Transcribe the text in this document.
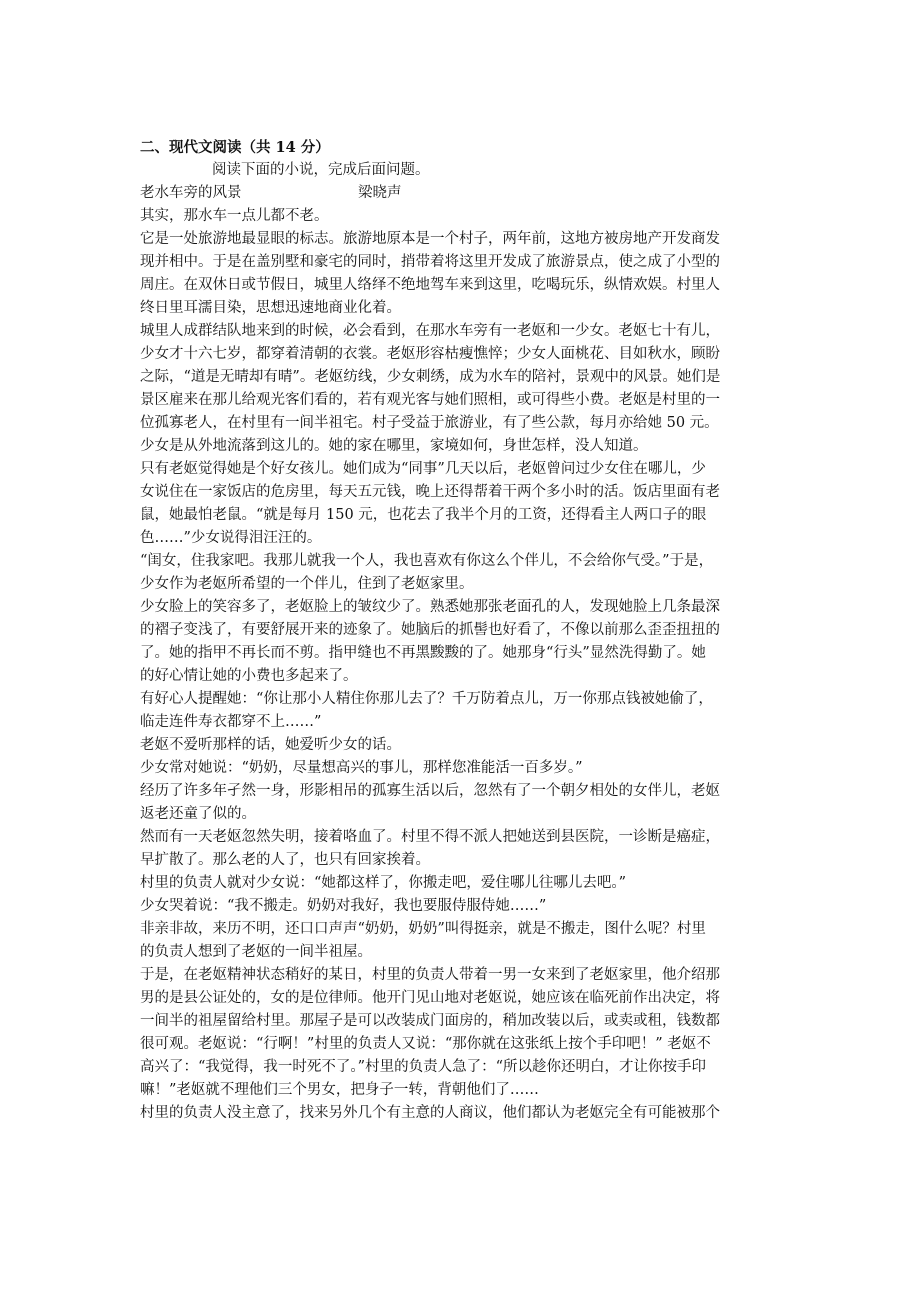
二、现代文阅读（共 14 分）
阅读下面的小说，完成后面问题。
老水车旁的风景	梁晓声
其实，那水车一点儿都不老。
它是一处旅游地最显眼的标志。旅游地原本是一个村子，两年前，这地方被房地产开发商发
现并相中。于是在盖别墅和豪宅的同时，捎带着将这里开发成了旅游景点，使之成了小型的
周庄。在双休日或节假日，城里人络绎不绝地驾车来到这里，吃喝玩乐，纵情欢娱。村里人
终日里耳濡目染，思想迅速地商业化着。
城里人成群结队地来到的时候，必会看到，在那水车旁有一老妪和一少女。老妪七十有儿，
少女才十六七岁，都穿着清朝的衣裳。老妪形容枯瘦憔悴；少女人面桃花、目如秋水，顾盼
之际，“道是无晴却有晴”。老妪纺线，少女刺绣，成为水车的陪衬，景观中的风景。她们是
景区雇来在那儿给观光客们看的，若有观光客与她们照相，或可得些小费。老妪是村里的一
位孤寡老人，在村里有一间半祖宅。村子受益于旅游业，有了些公款，每月亦给她 50 元。
少女是从外地流落到这儿的。她的家在哪里，家境如何，身世怎样，没人知道。
只有老妪觉得她是个好女孩儿。她们成为“同事”几天以后，老妪曾问过少女住在哪儿，少
女说住在一家饭店的危房里，每天五元钱，晚上还得帮着干两个多小时的活。饭店里面有老
鼠，她最怕老鼠。“就是每月 150 元，也花去了我半个月的工资，还得看主人两口子的眼
色……”少女说得泪汪汪的。
“闺女，住我家吧。我那儿就我一个人，我也喜欢有你这么个伴儿，不会给你气受。”于是，
少女作为老妪所希望的一个伴儿，住到了老妪家里。
少女脸上的笑容多了，老妪脸上的皱纹少了。熟悉她那张老面孔的人，发现她脸上几条最深
的褶子变浅了，有要舒展开来的迹象了。她脑后的抓髻也好看了，不像以前那么歪歪扭扭的
了。她的指甲不再长而不剪。指甲缝也不再黑黢黢的了。她那身“行头”显然洗得勤了。她
的好心情让她的小费也多起来了。
有好心人提醒她：“你让那小人精住你那儿去了？千万防着点儿，万一你那点钱被她偷了，
临走连件寿衣都穿不上……”
老妪不爱听那样的话，她爱听少女的话。
少女常对她说：“奶奶，尽量想高兴的事儿，那样您准能活一百多岁。”
经历了许多年孑然一身，形影相吊的孤寡生活以后，忽然有了一个朝夕相处的女伴儿，老妪
返老还童了似的。
然而有一天老妪忽然失明，接着咯血了。村里不得不派人把她送到县医院，一诊断是癌症，
早扩散了。那么老的人了，也只有回家挨着。
村里的负责人就对少女说：“她都这样了，你搬走吧，爱住哪儿往哪儿去吧。”
少女哭着说：“我不搬走。奶奶对我好，我也要服侍服侍她……”
非亲非故，来历不明，还口口声声“奶奶，奶奶”叫得挺亲，就是不搬走，图什么呢？村里
的负责人想到了老妪的一间半祖屋。
于是，在老妪精神状态稍好的某日，村里的负责人带着一男一女来到了老妪家里，他介绍那
男的是县公证处的，女的是位律师。他开门见山地对老妪说，她应该在临死前作出决定，将
一间半的祖屋留给村里。那屋子是可以改装成门面房的，稍加改装以后，或卖或租，钱数都
很可观。老妪说：“行啊！”村里的负责人又说：“那你就在这张纸上按个手印吧！” 老妪不
高兴了：“我觉得，我一时死不了。”村里的负责人急了：“所以趁你还明白，才让你按手印
嘛！”老妪就不理他们三个男女，把身子一转，背朝他们了……
村里的负责人没主意了，找来另外几个有主意的人商议，他们都认为老妪完全有可能被那个
